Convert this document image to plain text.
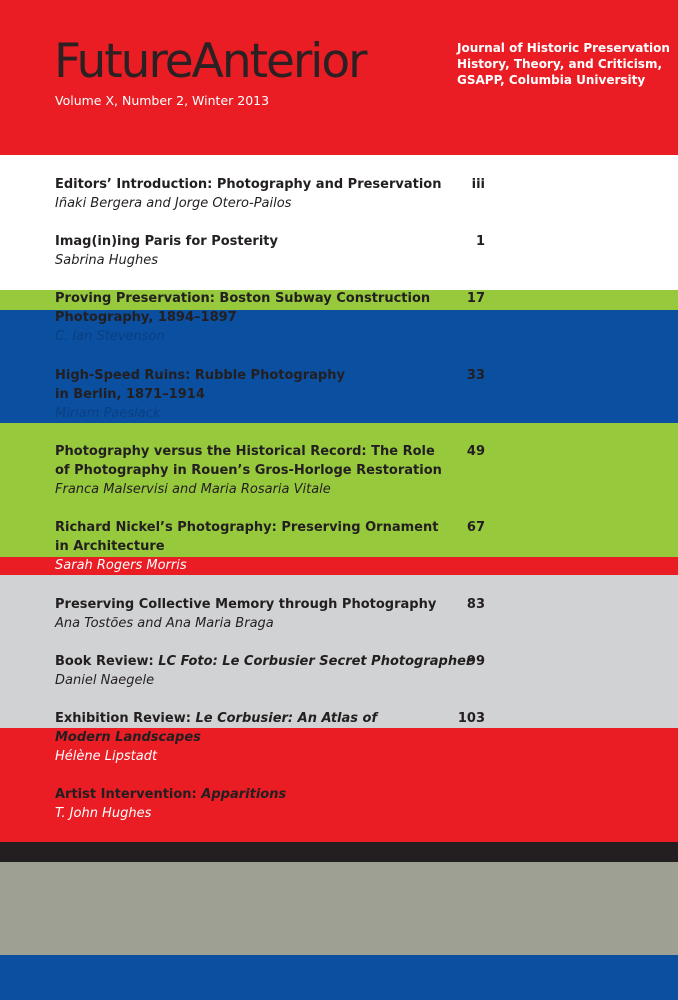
FutureAnterior
Volume X, Number 2, Winter 2013
Journal of Historic Preservation
History, Theory, and Criticism,
GSAPP, Columbia University
Editors’ Introduction: Photography and Preservation
Iñaki Bergera and Jorge Otero-Pailos
iii
Imag(in)ing Paris for Posterity
Sabrina Hughes
1
Proving Preservation: Boston Subway Construction
Photography, 1894–1897
C. Ian Stevenson
17
High-Speed Ruins: Rubble Photography
in Berlin, 1871–1914
Miriam Paeslack
33
Photography versus the Historical Record: The Role
of Photography in Rouen’s Gros-Horloge Restoration
Franca Malservisi and Maria Rosaria Vitale
49
Richard Nickel’s Photography: Preserving Ornament
in Architecture
Sarah Rogers Morris
67
Preserving Collective Memory through Photography
Ana Tostões and Ana Maria Braga
83
Book Review: LC Foto: Le Corbusier Secret Photographer
Daniel Naegele
99
Exhibition Review: Le Corbusier: An Atlas of
Modern Landscapes
Hélène Lipstadt
103
Artist Intervention: Apparitions
T. John Hughes
